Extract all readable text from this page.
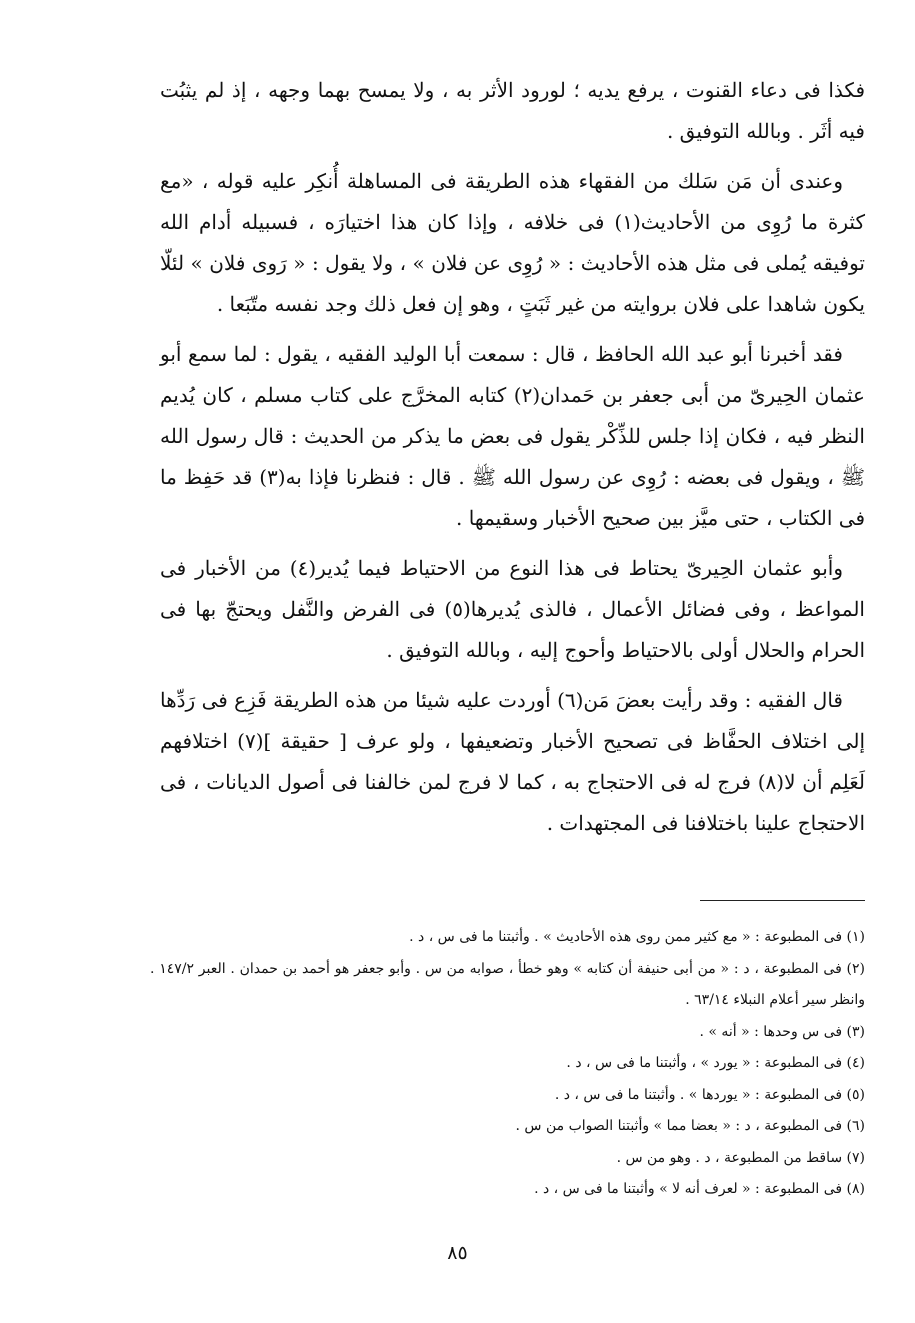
فكذا فى دعاء القنوت ، يرفع يديه ؛ لورود الأثر به ، ولا يمسح بهما وجهه ، إذ لم يثبُت فيه أثَر . وبالله التوفيق .

وعندى أن مَن سَلك من الفقهاء هذه الطريقة فى المساهلة أُنكِر عليه قوله ، «مع كثرة ما رُوِى من الأحاديث(١) فى خلافه ، وإذا كان هذا اختيارَه ، فسبيله أدام الله توفيقه يُملى فى مثل هذه الأحاديث : « رُوِى عن فلان » ، ولا يقول : « رَوى فلان » لئلّا يكون شاهدا على فلان بروايته من غير ثَبَتٍ ، وهو إن فعل ذلك وجد نفسه متّبَعا .

فقد أخبرنا أبو عبد الله الحافظ ، قال : سمعت أبا الوليد الفقيه ، يقول : لما سمع أبو عثمان الحِيرىّ من أبى جعفر بن حَمدان(٢) كتابه المخرَّج على كتاب مسلم ، كان يُديم النظر فيه ، فكان إذا جلس للذِّكْر يقول فى بعض ما يذكر من الحديث : قال رسول الله ﷺ ، ويقول فى بعضه : رُوِى عن رسول الله ﷺ . قال : فنظرنا فإذا به(٣) قد حَفِظ ما فى الكتاب ، حتى ميَّز بين صحيح الأخبار وسقيمها .

وأبو عثمان الحِيرىّ يحتاط فى هذا النوع من الاحتياط فيما يُدير(٤) من الأخبار فى المواعظ ، وفى فضائل الأعمال ، فالذى يُديرها(٥) فى الفرض والنَّفل ويحتجّ بها فى الحرام والحلال أولى بالاحتياط وأحوج إليه ، وبالله التوفيق .

قال الفقيه : وقد رأيت بعضَ مَن(٦) أوردت عليه شيئا من هذه الطريقة فَزِع فى رَدِّها إلى اختلاف الحفَّاظ فى تصحيح الأخبار وتضعيفها ، ولو عرف [ حقيقة ](٧) اختلافهم لَعَلِم أن لا(٨) فرج له فى الاحتجاج به ، كما لا فرج لمن خالفنا فى أصول الديانات ، فى الاحتجاج علينا باختلافنا فى المجتهدات .

(١) فى المطبوعة : « مع كثير ممن روى هذه الأحاديث » . وأثبتنا ما فى س ، د .

(٢) فى المطبوعة ، د : « من أبى حنيفة أن كتابه » وهو خطأ ، صوابه من س . وأبو جعفر هو أحمد بن حمدان . العبر ١٤٧/٢ . وانظر سير أعلام النبلاء ٦٣/١٤ .

(٣) فى س وحدها : « أنه » .

(٤) فى المطبوعة : « يورد » ، وأثبتنا ما فى س ، د .

(٥) فى المطبوعة : « يوردها » . وأثبتنا ما فى س ، د .

(٦) فى المطبوعة ، د : « بعضا مما » وأثبتنا الصواب من س .

(٧) ساقط من المطبوعة ، د . وهو من س .

(٨) فى المطبوعة : « لعرف أنه لا » وأثبتنا ما فى س ، د .

٨٥
